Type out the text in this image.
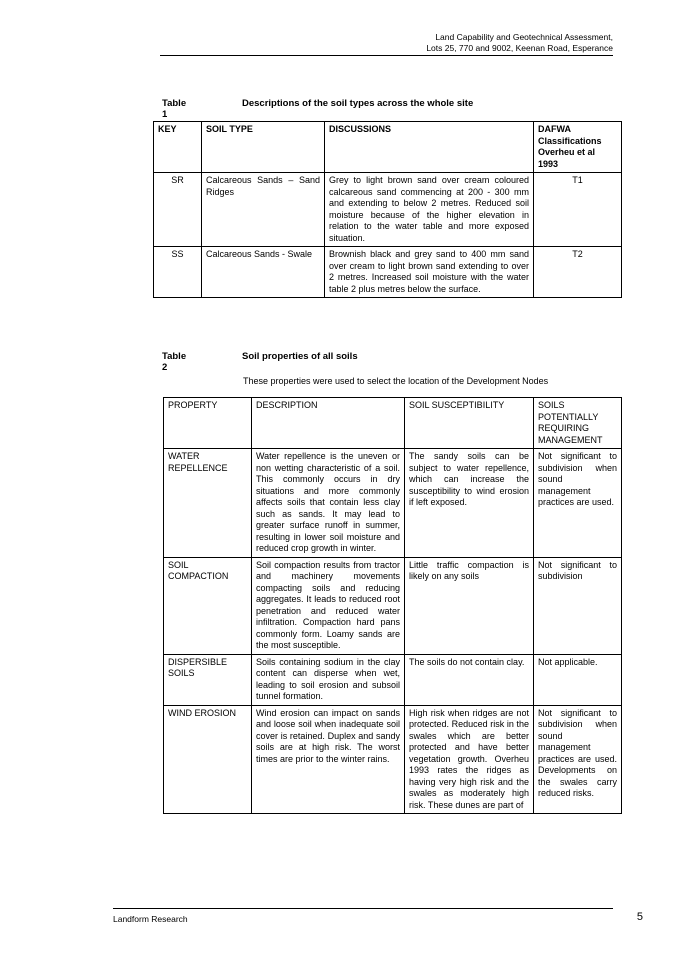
Land Capability and Geotechnical Assessment,
Lots 25, 770 and 9002, Keenan Road, Esperance
Table 1
Descriptions of the soil types across the whole site
KEY	SOIL TYPE	DISCUSSIONS	DAFWA Classifications Overheu et al 1993
SR	Calcareous Sands – Sand Ridges	Grey to light brown sand over cream coloured calcareous sand commencing at 200 - 300 mm and extending to below 2 metres. Reduced soil moisture because of the higher elevation in relation to the water table and more exposed situation.	T1
SS	Calcareous Sands - Swale	Brownish black and grey sand to 400 mm sand over cream to light brown sand extending to over 2 metres. Increased soil moisture with the water table 2 plus metres below the surface.	T2
Table 2
Soil properties of all soils
These properties were used to select the location of the Development Nodes
PROPERTY	DESCRIPTION	SOIL SUSCEPTIBILITY	SOILS POTENTIALLY REQUIRING MANAGEMENT
WATER REPELLENCE	Water repellence is the uneven or non wetting characteristic of a soil. This commonly occurs in dry situations and more commonly affects soils that contain less clay such as sands. It may lead to greater surface runoff in summer, resulting in lower soil moisture and reduced crop growth in winter.	The sandy soils can be subject to water repellence, which can increase the susceptibility to wind erosion if left exposed.	Not significant to subdivision when sound management practices are used.
SOIL COMPACTION	Soil compaction results from tractor and machinery movements compacting soils and reducing aggregates. It leads to reduced root penetration and reduced water infiltration. Compaction hard pans commonly form. Loamy sands are the most susceptible.	Little traffic compaction is likely on any soils	Not significant to subdivision
DISPERSIBLE SOILS	Soils containing sodium in the clay content can disperse when wet, leading to soil erosion and subsoil tunnel formation.	The soils do not contain clay.	Not applicable.
WIND EROSION	Wind erosion can impact on sands and loose soil when inadequate soil cover is retained. Duplex and sandy soils are at high risk. The worst times are prior to the winter rains.	High risk when ridges are not protected. Reduced risk in the swales which are better protected and have better vegetation growth. Overheu 1993 rates the ridges as having very high risk and the swales as moderately high risk. These dunes are part of	Not significant to subdivision when sound management practices are used. Developments on the swales carry reduced risks.
Landform Research	5
